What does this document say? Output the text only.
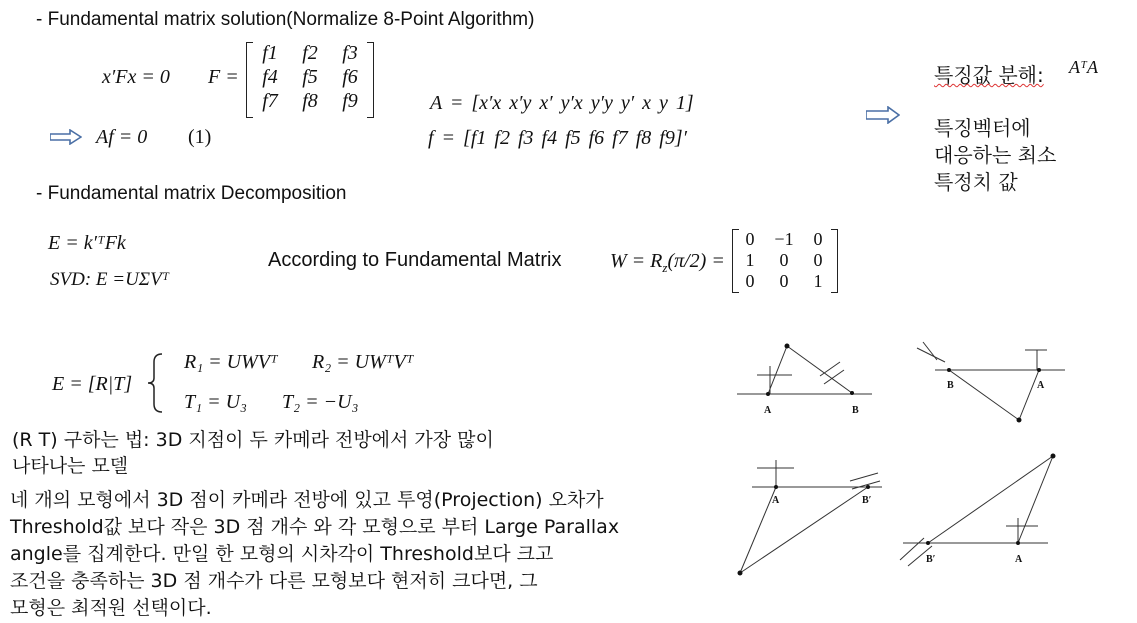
- Fundamental matrix solution(Normalize 8-Point Algorithm)
x′Fx = 0 F =
f1	f2	f3
f4	f5	f6
f7	f8	f9
Af = 0 (1)
A = [x′x x′y x′ y′x y′y y′ x y 1]
f = [f1 f2 f3 f4 f5 f6 f7 f8 f9]′
특징값 분해: AᵀA
특징벡터에
대응하는 최소
특정치 값
- Fundamental matrix Decomposition
E = k′ᵀFk
SVD: E =UΣVᵀ
According to Fundamental Matrix $W = R_z(\pi/2)$ =
0	−1	0
1	0	0
0	0	1
E = [R|T]
R₁ = UWVᵀ R₂ = UWᵀVᵀ
T₁ = U₃ T₂ = −U₃
(R T) 구하는 법: 3D 지점이 두 카메라 전방에서 가장 많이
나타나는 모델
네 개의 모형에서 3D 점이 카메라 전방에 있고 투영(Projection) 오차가
Threshold값 보다 작은 3D 점 개수 와 각 모형으로 부터 Large Parallax
angle를 집계한다. 만일 한 모형의 시차각이 Threshold보다 크고
조건을 충족하는 3D 점 개수가 다른 모형보다 현저히 크다면, 그
모형은 최적원 선택이다.
A	B
B	A
A	B′
B′	A
